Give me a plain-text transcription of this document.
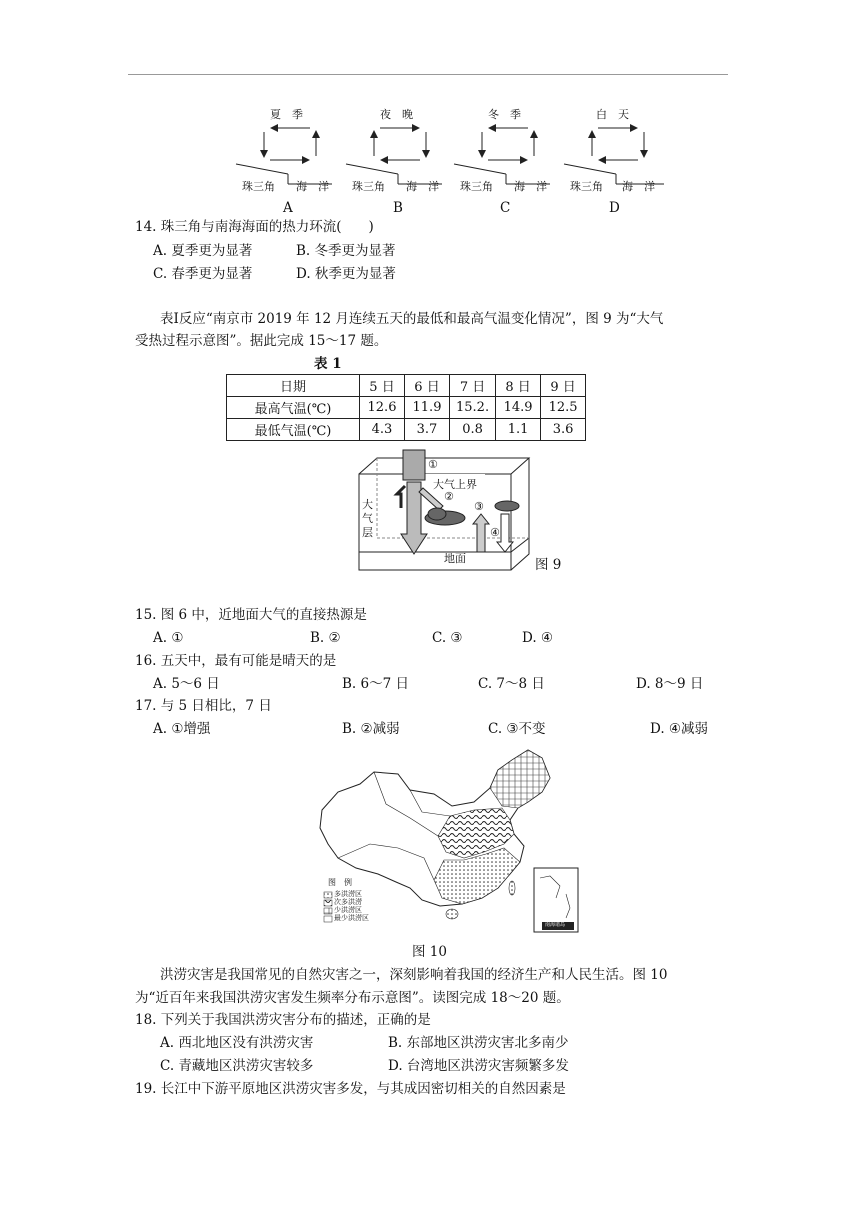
夏　季	夜　晚	冬　季	白　天
珠三角 海　洋 珠三角 海　洋 珠三角 海　洋 珠三角 海　洋
A	B	C	D
14. 珠三角与南海海面的热力环流(　　)
A. 夏季更为显著	B. 冬季更为显著
C. 春季更为显著	D. 秋季更为显著
表Ⅰ反应“南京市 2019 年 12 月连续五天的最低和最高气温变化情况”，图 9 为“大气
受热过程示意图”。据此完成 15～17 题。
表 1
日期	5 日	6 日	7 日	8 日	9 日
最高气温(℃)	12.6	11.9	15.2.	14.9	12.5
最低气温(℃)	4.3	3.7	0.8	1.1	3.6
①
大气上界
②
③
④
大
气
层
地面	图 9
15. 图 6 中，近地面大气的直接热源是
A. ①	B. ②	C. ③	D. ④
16. 五天中，最有可能是晴天的是
A. 5～6 日	B. 6～7 日	C. 7～8 日	D. 8～9 日
17. 与 5 日相比，7 日
A. ①增强	B. ②减弱	C. ③不变	D. ④减弱
图　例
多洪涝区
次多洪涝
少洪涝区
最少洪涝区
南海诸岛
图 10
洪涝灾害是我国常见的自然灾害之一，深刻影响着我国的经济生产和人民生活。图 10
为“近百年来我国洪涝灾害发生频率分布示意图”。读图完成 18～20 题。
18. 下列关于我国洪涝灾害分布的描述，正确的是
A. 西北地区没有洪涝灾害	B. 东部地区洪涝灾害北多南少
C. 青藏地区洪涝灾害较多	D. 台湾地区洪涝灾害频繁多发
19. 长江中下游平原地区洪涝灾害多发，与其成因密切相关的自然因素是
